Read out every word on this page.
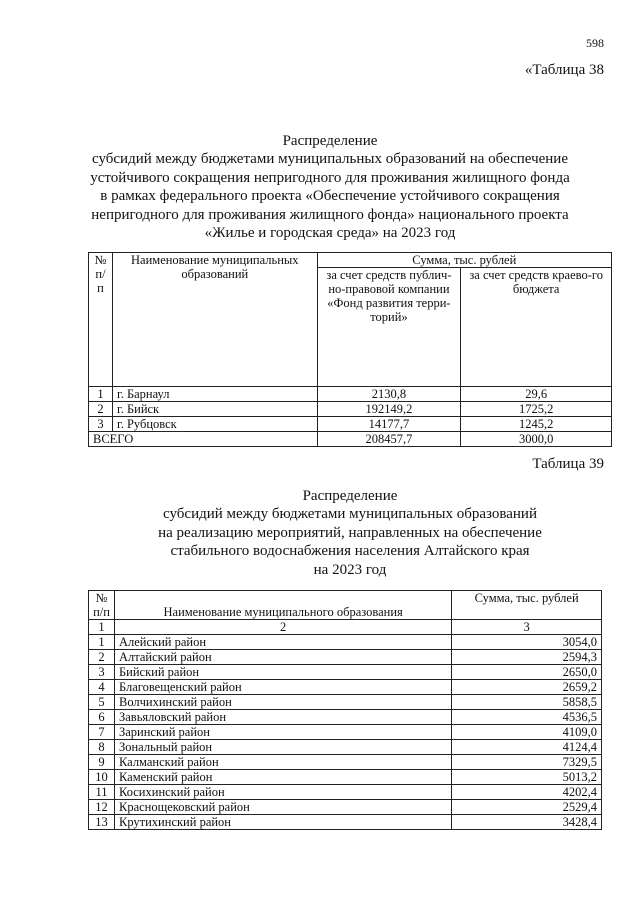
598
«Таблица 38
Распределение
субсидий между бюджетами муниципальных образований на обеспечение
устойчивого сокращения непригодного для проживания жилищного фонда
в рамках федерального проекта «Обеспечение устойчивого сокращения
непригодного для проживания жилищного фонда» национального проекта
«Жилье и городская среда» на 2023 год
№ п/п	Наименование муниципальных образований	Сумма, тыс. рублей	
		за счет средств публич-но-правовой компании «Фонд развития терри-торий»	за счет средств краево-го бюджета
1	г. Барнаул	2130,8	29,6
2	г. Бийск	192149,2	1725,2
3	г. Рубцовск	14177,7	1245,2
ВСЕГО		208457,7	3000,0
Таблица 39
Распределение
субсидий между бюджетами муниципальных образований
на реализацию мероприятий, направленных на обеспечение
стабильного водоснабжения населения Алтайского края
на 2023 год
№ п/п	Наименование муниципального образования	Сумма, тыс. рублей
1	2	3
1	Алейский район	3054,0
2	Алтайский район	2594,3
3	Бийский район	2650,0
4	Благовещенский район	2659,2
5	Волчихинский район	5858,5
6	Завьяловский район	4536,5
7	Заринский район	4109,0
8	Зональный район	4124,4
9	Калманский район	7329,5
10	Каменский район	5013,2
11	Косихинский район	4202,4
12	Краснощековский район	2529,4
13	Крутихинский район	3428,4
